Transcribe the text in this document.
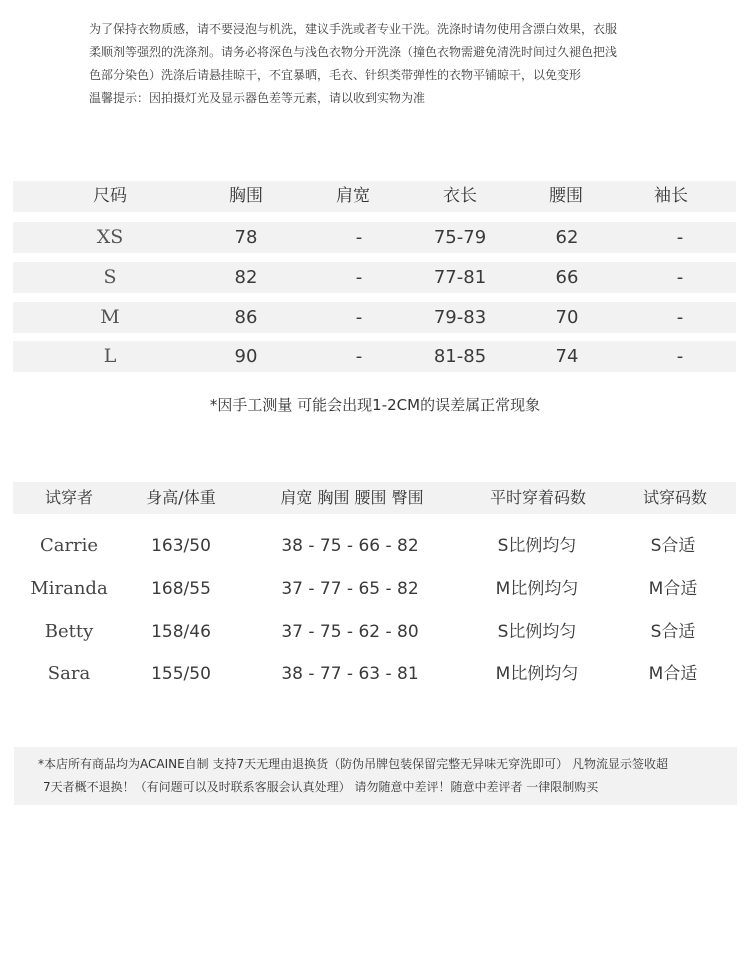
为了保持衣物质感，请不要浸泡与机洗，建议手洗或者专业干洗。洗涤时请勿使用含漂白效果，衣服
柔顺剂等强烈的洗涤剂。请务必将深色与浅色衣物分开洗涤（撞色衣物需避免清洗时间过久褪色把浅
色部分染色）洗涤后请悬挂晾干，不宜暴晒，毛衣、针织类带弹性的衣物平铺晾干，以免变形
温馨提示：因拍摄灯光及显示器色差等元素，请以收到实物为准
尺码	胸围	肩宽	衣长	腰围	袖长
XS	78	-	75-79	62	-
S	82	-	77-81	66	-
M	86	-	79-83	70	-
L	90	-	81-85	74	-
*因手工测量 可能会出现1-2CM的误差属正常现象
试穿者	身高/体重	肩宽 胸围 腰围 臀围	平时穿着码数	试穿码数
Carrie	163/50	38 - 75 - 66 - 82	S比例均匀	S合适
Miranda	168/55	37 - 77 - 65 - 82	M比例均匀	M合适
Betty	158/46	37 - 75 - 62 - 80	S比例均匀	S合适
Sara	155/50	38 - 77 - 63 - 81	M比例均匀	M合适
*本店所有商品均为ACAINE自制 支持7天无理由退换货（防伪吊牌包装保留完整无异味无穿洗即可） 凡物流显示签收超
7天者概不退换！（有问题可以及时联系客服会认真处理） 请勿随意中差评！随意中差评者 一律限制购买
